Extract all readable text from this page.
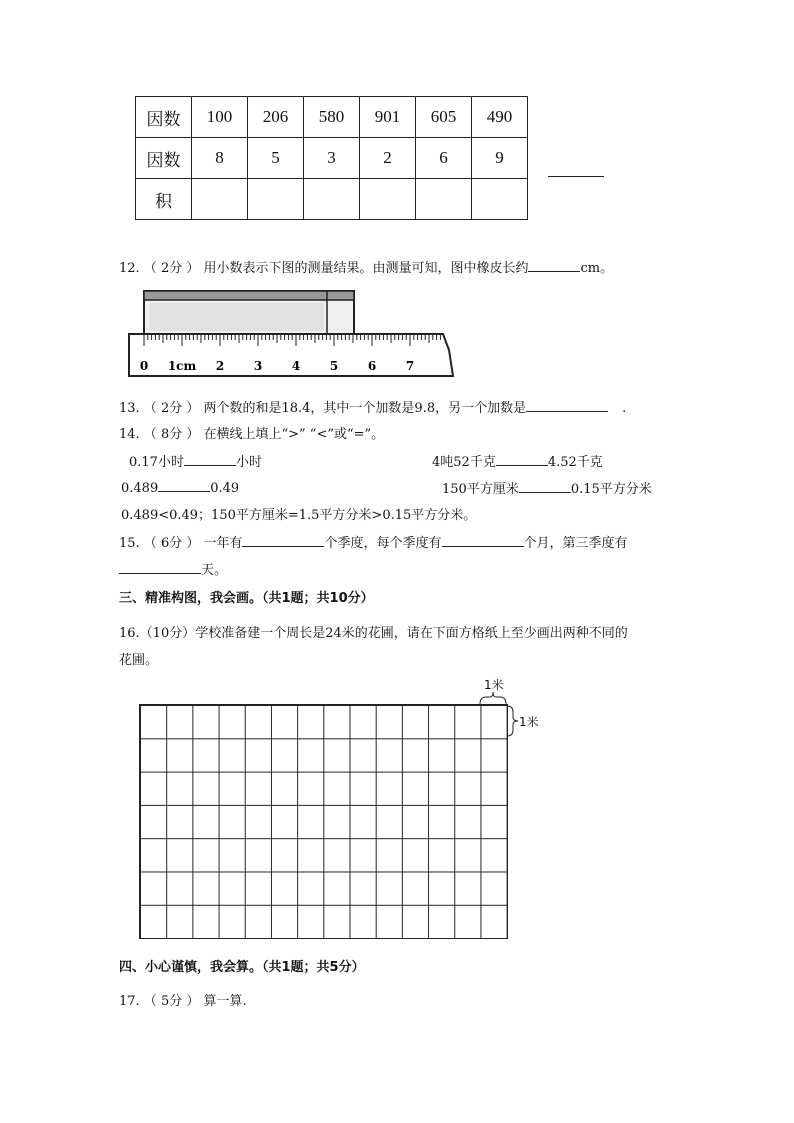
因数	100	206	580	901	605	490
因数	8	5	3	2	6	9
积						
12. （ 2分 ） 用小数表示下图的测量结果。由测量可知，图中橡皮长约	cm。
0 1cm 2 3 4 5 6 7
13. （ 2分 ） 两个数的和是18.4，其中一个加数是9.8，另一个加数是	.
14. （ 8分 ） 在横线上填上“>” “<”或“=”。
0.17小时	小时	4吨52千克	4.52千克
0.489	0.49	150平方厘米	0.15平方分米
0.489<0.49；150平方厘米=1.5平方分米>0.15平方分米。
15. （ 6分 ） 一年有	个季度，每个季度有	个月，第三季度有
天。
三、精准构图，我会画。（共1题；共10分）
16.（10分）学校准备建一个周长是24米的花圃，请在下面方格纸上至少画出两种不同的
花圃。
1米
1米
四、小心谨慎，我会算。（共1题；共5分）
17. （ 5分 ） 算一算.
